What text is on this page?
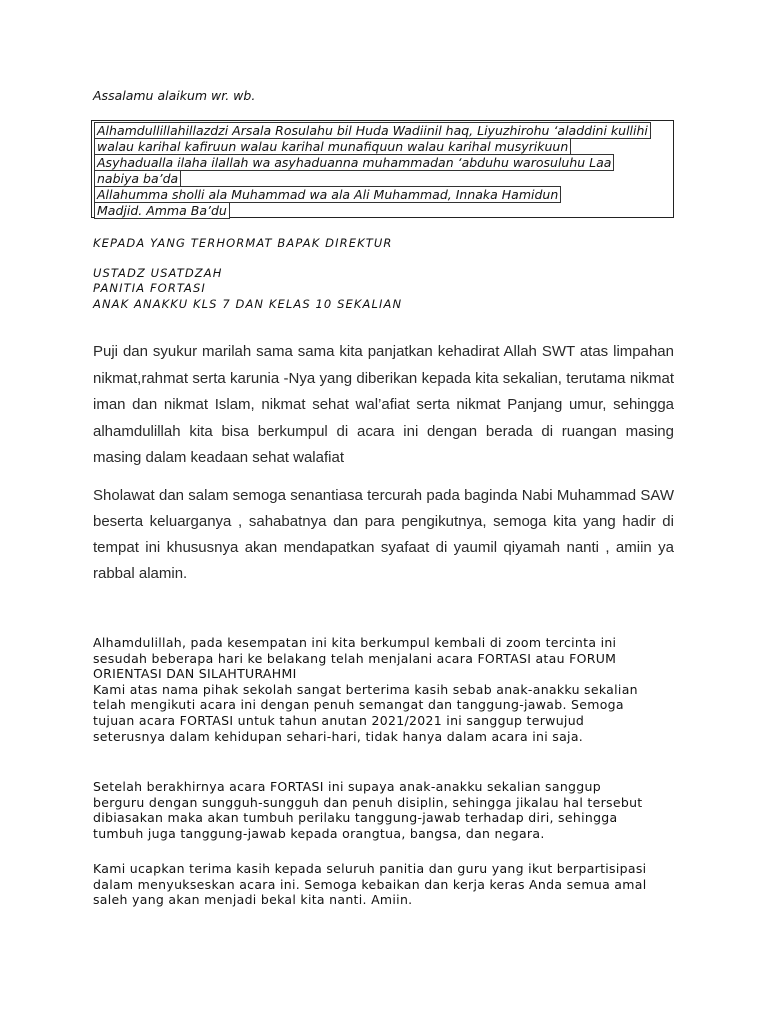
Assalamu alaikum wr. wb.
Alhamdullillahillazdzi Arsala Rosulahu bil Huda Wadiinil haq, Liyuzhirohu ‘aladdini kullihi
walau karihal kafiruun walau karihal munafiquun walau karihal musyrikuun
Asyhadualla ilaha ilallah wa asyhaduanna muhammadan ‘abduhu warosuluhu Laa
nabiya ba’da
Allahumma sholli ala Muhammad wa ala Ali Muhammad, Innaka Hamidun
Madjid. Amma Ba’du
KEPADA YANG TERHORMAT BAPAK DIREKTUR
USTADZ USATDZAH
PANITIA FORTASI
ANAK ANAKKU KLS 7 DAN KELAS 10 SEKALIAN
Puji dan syukur marilah sama sama kita panjatkan kehadirat Allah SWT atas limpahan nikmat,rahmat serta karunia -Nya yang diberikan kepada kita sekalian, terutama nikmat iman dan nikmat Islam, nikmat sehat wal’afiat serta nikmat Panjang umur, sehingga alhamdulillah kita bisa berkumpul di acara ini dengan berada di ruangan masing masing dalam keadaan sehat walafiat
Sholawat dan salam semoga senantiasa tercurah pada baginda Nabi Muhammad SAW beserta keluarganya , sahabatnya dan para pengikutnya, semoga kita yang hadir di tempat ini khususnya akan mendapatkan syafaat di yaumil qiyamah nanti , amiin ya rabbal alamin.
Alhamdulillah, pada kesempatan ini kita berkumpul kembali di zoom tercinta ini
sesudah beberapa hari ke belakang telah menjalani acara FORTASI atau FORUM
ORIENTASI DAN SILAHTURAHMI
Kami atas nama pihak sekolah sangat berterima kasih sebab anak-anakku sekalian
telah mengikuti acara ini dengan penuh semangat dan tanggung-jawab. Semoga
tujuan acara FORTASI untuk tahun anutan 2021/2021 ini sanggup terwujud
seterusnya dalam kehidupan sehari-hari, tidak hanya dalam acara ini saja.
Setelah berakhirnya acara FORTASI ini supaya anak-anakku sekalian sanggup
berguru dengan sungguh-sungguh dan penuh disiplin, sehingga jikalau hal tersebut
dibiasakan maka akan tumbuh perilaku tanggung-jawab terhadap diri, sehingga
tumbuh juga tanggung-jawab kepada orangtua, bangsa, dan negara.
Kami ucapkan terima kasih kepada seluruh panitia dan guru yang ikut berpartisipasi
dalam menyukseskan acara ini. Semoga kebaikan dan kerja keras Anda semua amal
saleh yang akan menjadi bekal kita nanti. Amiin.
